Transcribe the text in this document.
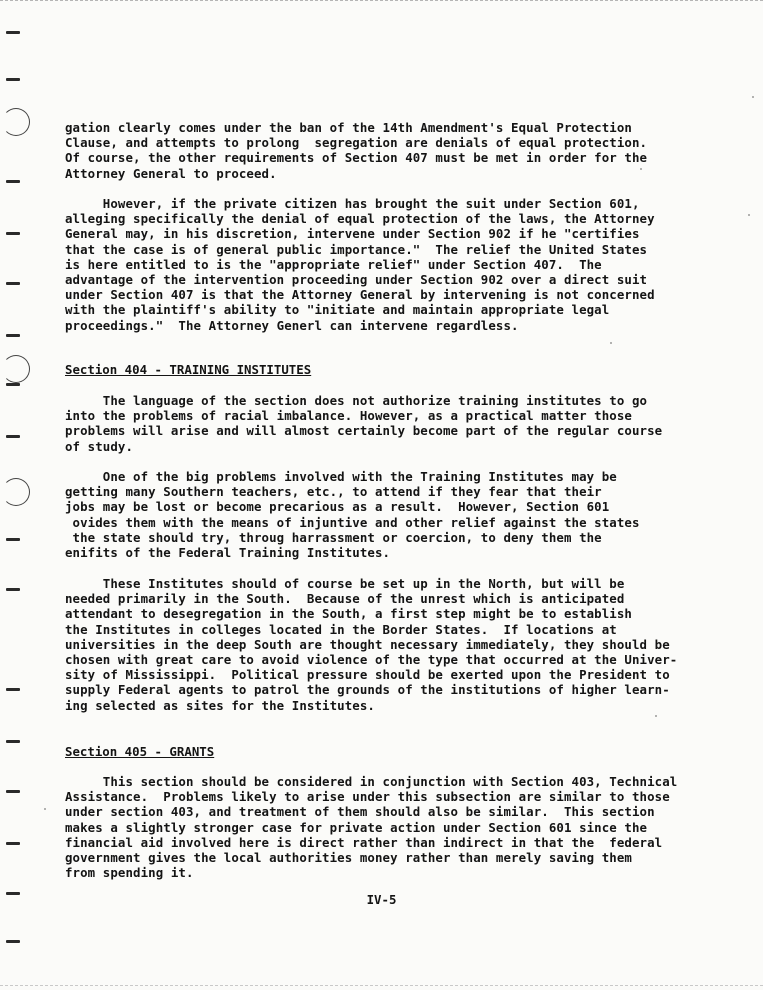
gation clearly comes under the ban of the 14th Amendment's Equal Protection
Clause, and attempts to prolong  segregation are denials of equal protection.
Of course, the other requirements of Section 407 must be met in order for the
Attorney General to proceed.

However, if the private citizen has brought the suit under Section 601,
alleging specifically the denial of equal protection of the laws, the Attorney
General may, in his discretion, intervene under Section 902 if he "certifies
that the case is of general public importance."  The relief the United States
is here entitled to is the "appropriate relief" under Section 407.  The
advantage of the intervention proceeding under Section 902 over a direct suit
under Section 407 is that the Attorney General by intervening is not concerned
with the plaintiff's ability to "initiate and maintain appropriate legal
proceedings."  The Attorney Generl can intervene regardless.

Section 404 - TRAINING INSTITUTES

The language of the section does not authorize training institutes to go
into the problems of racial imbalance. However, as a practical matter those
problems will arise and will almost certainly become part of the regular course
of study.

One of the big problems involved with the Training Institutes may be
getting many Southern teachers, etc., to attend if they fear that their
jobs may be lost or become precarious as a result.  However, Section 601
ovides them with the means of injuntive and other relief against the states
the state should try, throug harrassment or coercion, to deny them the
enifits of the Federal Training Institutes.

These Institutes should of course be set up in the North, but will be
needed primarily in the South.  Because of the unrest which is anticipated
attendant to desegregation in the South, a first step might be to establish
the Institutes in colleges located in the Border States.  If locations at
universities in the deep South are thought necessary immediately, they should be
chosen with great care to avoid violence of the type that occurred at the Univer-
sity of Mississippi.  Political pressure should be exerted upon the President to
supply Federal agents to patrol the grounds of the institutions of higher learn-
ing selected as sites for the Institutes.

Section 405 - GRANTS

This section should be considered in conjunction with Section 403, Technical
Assistance.  Problems likely to arise under this subsection are similar to those
under section 403, and treatment of them should also be similar.  This section
makes a slightly stronger case for private action under Section 601 since the
financial aid involved here is direct rather than indirect in that the  federal
government gives the local authorities money rather than merely saving them
from spending it.

IV-5
